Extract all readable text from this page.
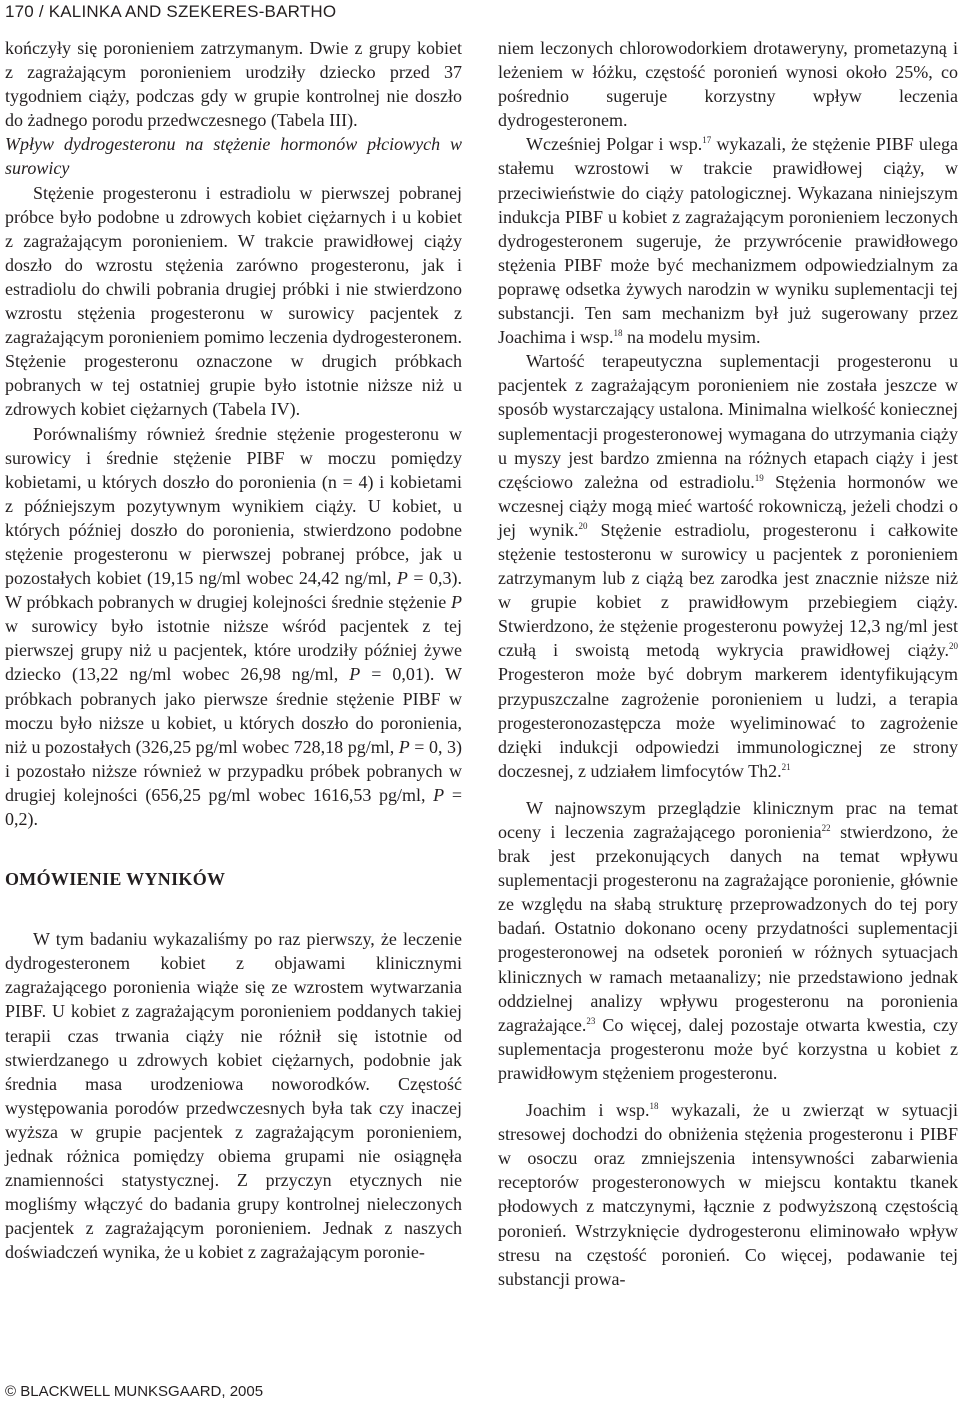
170 / KALINKA AND SZEKERES-BARTHO

kończyły się poronieniem zatrzymanym. Dwie z grupy kobiet z zagrażającym poronieniem urodziły dziecko przed 37 tygodniem ciąży, podczas gdy w grupie kontrolnej nie doszło do żadnego porodu przedwczesnego (Tabela III).

Wpływ dydrogesteronu na stężenie hormonów płciowych w surowicy

Stężenie progesteronu i estradiolu w pierwszej pobranej próbce było podobne u zdrowych kobiet ciężarnych i u kobiet z zagrażającym poronieniem. W trakcie prawidłowej ciąży doszło do wzrostu stężenia zarówno progesteronu, jak i estradiolu do chwili pobrania drugiej próbki i nie stwierdzono wzrostu stężenia progesteronu w surowicy pacjentek z zagrażającym poronieniem pomimo leczenia dydrogesteronem. Stężenie progesteronu oznaczone w drugich próbkach pobranych w tej ostatniej grupie było istotnie niższe niż u zdrowych kobiet ciężarnych (Tabela IV).

Porównaliśmy również średnie stężenie progesteronu w surowicy i średnie stężenie PIBF w moczu pomiędzy kobietami, u których doszło do poronienia (n = 4) i kobietami z późniejszym pozytywnym wynikiem ciąży. U kobiet, u których później doszło do poronienia, stwierdzono podobne stężenie progesteronu w pierwszej pobranej próbce, jak u pozostałych kobiet (19,15 ng/ml wobec 24,42 ng/ml, P = 0,3). W próbkach pobranych w drugiej kolejności średnie stężenie P w surowicy było istotnie niższe wśród pacjentek z tej pierwszej grupy niż u pacjentek, które urodziły później żywe dziecko (13,22 ng/ml wobec 26,98 ng/ml, P = 0,01). W próbkach pobranych jako pierwsze średnie stężenie PIBF w moczu było niższe u kobiet, u których doszło do poronienia, niż u pozostałych (326,25 pg/ml wobec 728,18 pg/ml, P = 0, 3) i pozostało niższe również w przypadku próbek pobranych w drugiej kolejności (656,25 pg/ml wobec 1616,53 pg/ml, P = 0,2).

OMÓWIENIE WYNIKÓW

W tym badaniu wykazaliśmy po raz pierwszy, że leczenie dydrogesteronem kobiet z objawami klinicznymi zagrażającego poronienia wiąże się ze wzrostem wytwarzania PIBF. U kobiet z zagrażającym poronieniem poddanych takiej terapii czas trwania ciąży nie różnił się istotnie od stwierdzanego u zdrowych kobiet ciężarnych, podobnie jak średnia masa urodzeniowa noworodków. Częstość występowania porodów przedwczesnych była tak czy inaczej wyższa w grupie pacjentek z zagrażającym poronieniem, jednak różnica pomiędzy obiema grupami nie osiągnęła znamienności statystycznej. Z przyczyn etycznych nie mogliśmy włączyć do badania grupy kontrolnej nieleczonych pacjentek z zagrażającym poronieniem. Jednak z naszych doświadczeń wynika, że u kobiet z zagrażającym poronie-

niem leczonych chlorowodorkiem drotaweryny, prometazyną i leżeniem w łóżku, częstość poronień wynosi około 25%, co pośrednio sugeruje korzystny wpływ leczenia dydrogesteronem.

Wcześniej Polgar i wsp.$^{17}$ wykazali, że stężenie PIBF ulega stałemu wzrostowi w trakcie prawidłowej ciąży, w przeciwieństwie do ciąży patologicznej. Wykazana niniejszym indukcja PIBF u kobiet z zagrażającym poronieniem leczonych dydrogesteronem sugeruje, że przywrócenie prawidłowego stężenia PIBF może być mechanizmem odpowiedzialnym za poprawę odsetka żywych narodzin w wyniku suplementacji tej substancji. Ten sam mechanizm był już sugerowany przez Joachima i wsp.$^{18}$ na modelu mysim.

Wartość terapeutyczna suplementacji progesteronu u pacjentek z zagrażającym poronieniem nie została jeszcze w sposób wystarczający ustalona. Minimalna wielkość koniecznej suplementacji progesteronowej wymagana do utrzymania ciąży u myszy jest bardzo zmienna na różnych etapach ciąży i jest częściowo zależna od estradiolu.$^{19}$ Stężenia hormonów we wczesnej ciąży mogą mieć wartość rokowniczą, jeżeli chodzi o jej wynik.$^{20}$ Stężenie estradiolu, progesteronu i całkowite stężenie testosteronu w surowicy u pacjentek z poronieniem zatrzymanym lub z ciążą bez zarodka jest znacznie niższe niż w grupie kobiet z prawidłowym przebiegiem ciąży. Stwierdzono, że stężenie progesteronu powyżej 12,3 ng/ml jest czułą i swoistą metodą wykrycia prawidłowej ciąży.$^{20}$ Progesteron może być dobrym markerem identyfikującym przypuszczalne zagrożenie poronieniem u ludzi, a terapia progesteronozastępcza może wyeliminować to zagrożenie dzięki indukcji odpowiedzi immunologicznej ze strony doczesnej, z udziałem limfocytów Th2.21

W najnowszym przeglądzie klinicznym prac na temat oceny i leczenia zagrażającego poronienia$^{22}$ stwierdzono, że brak jest przekonujących danych na temat wpływu suplementacji progesteronu na zagrażające poronienie, głównie ze względu na słabą strukturę przeprowadzonych do tej pory badań. Ostatnio dokonano oceny przydatności suplementacji progesteronowej na odsetek poronień w różnych sytuacjach klinicznych w ramach metaanalizy; nie przedstawiono jednak oddzielnej analizy wpływu progesteronu na poronienia zagrażające.$^{23}$ Co więcej, dalej pozostaje otwarta kwestia, czy suplementacja progesteronu może być korzystna u kobiet z prawidłowym stężeniem progesteronu.

Joachim i wsp.$^{18}$ wykazali, że u zwierząt w sytuacji stresowej dochodzi do obniżenia stężenia progesteronu i PIBF w osoczu oraz zmniejszenia intensywności zabarwienia receptorów progesteronowych w miejscu kontaktu tkanek płodowych z matczynymi, łącznie z podwyższoną częstością poronień. Wstrzyknięcie dydrogesteronu eliminowało wpływ stresu na częstość poronień. Co więcej, podawanie tej substancji prowa-

© BLACKWELL MUNKSGAARD, 2005
